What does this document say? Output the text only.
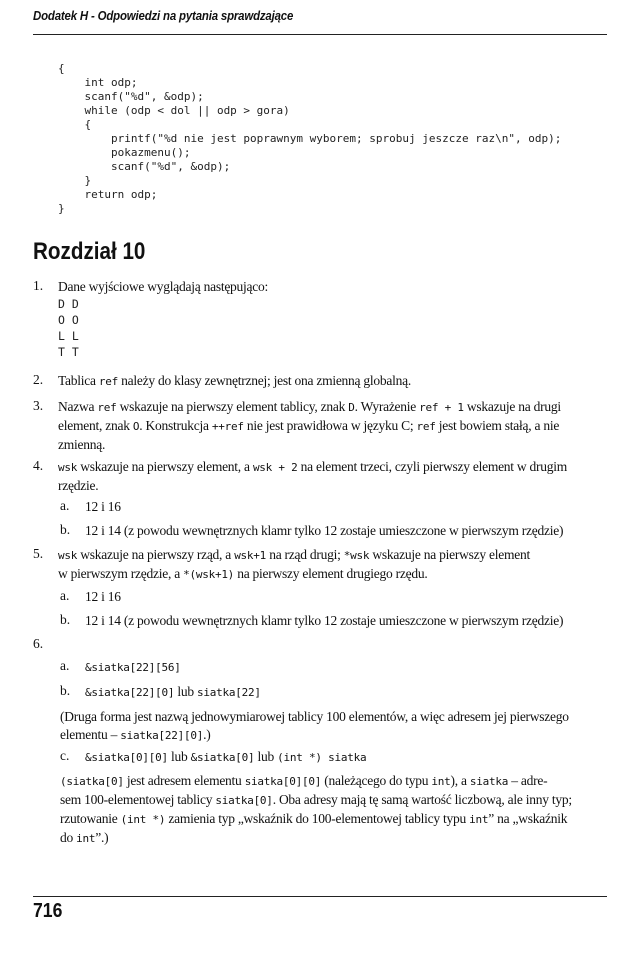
Dodatek H - Odpowiedzi na pytania sprawdzające
{
int odp;
scanf("%d", &odp);
while (odp < dol || odp > gora)
{
printf("%d nie jest poprawnym wyborem; sprobuj jeszcze raz\n", odp);
pokazmenu();
scanf("%d", &odp);
}
return odp;
}
Rozdział 10
1. Dane wyjściowe wyglądają następująco:
D D
O O
L L
T T
2. Tablica ref należy do klasy zewnętrznej; jest ona zmienną globalną.
3. Nazwa ref wskazuje na pierwszy element tablicy, znak D. Wyrażenie ref + 1 wskazuje na drugi
element, znak O. Konstrukcja ++ref nie jest prawidłowa w języku C; ref jest bowiem stałą, a nie
zmienną.
4. wsk wskazuje na pierwszy element, a wsk + 2 na element trzeci, czyli pierwszy element w drugim
rzędzie.
a. 12 i 16
b. 12 i 14 (z powodu wewnętrznych klamr tylko 12 zostaje umieszczone w pierwszym rzędzie)
5. wsk wskazuje na pierwszy rząd, a wsk+1 na rząd drugi; *wsk wskazuje na pierwszy element
w pierwszym rzędzie, a *(wsk+1) na pierwszy element drugiego rzędu.
a. 12 i 16
b. 12 i 14 (z powodu wewnętrznych klamr tylko 12 zostaje umieszczone w pierwszym rzędzie)
6.
a. &siatka[22][56]
b. &siatka[22][0] lub siatka[22]
(Druga forma jest nazwą jednowymiarowej tablicy 100 elementów, a więc adresem jej pierwszego
elementu – siatka[22][0].)
c. &siatka[0][0] lub &siatka[0] lub (int *) siatka
(siatka[0] jest adresem elementu siatka[0][0] (należącego do typu int), a siatka – adre-
sem 100-elementowej tablicy siatka[0]. Oba adresy mają tę samą wartość liczbową, ale inny typ;
rzutowanie (int *) zamienia typ „wskaźnik do 100-elementowej tablicy typu int” na „wskaźnik
do int”.)
716
